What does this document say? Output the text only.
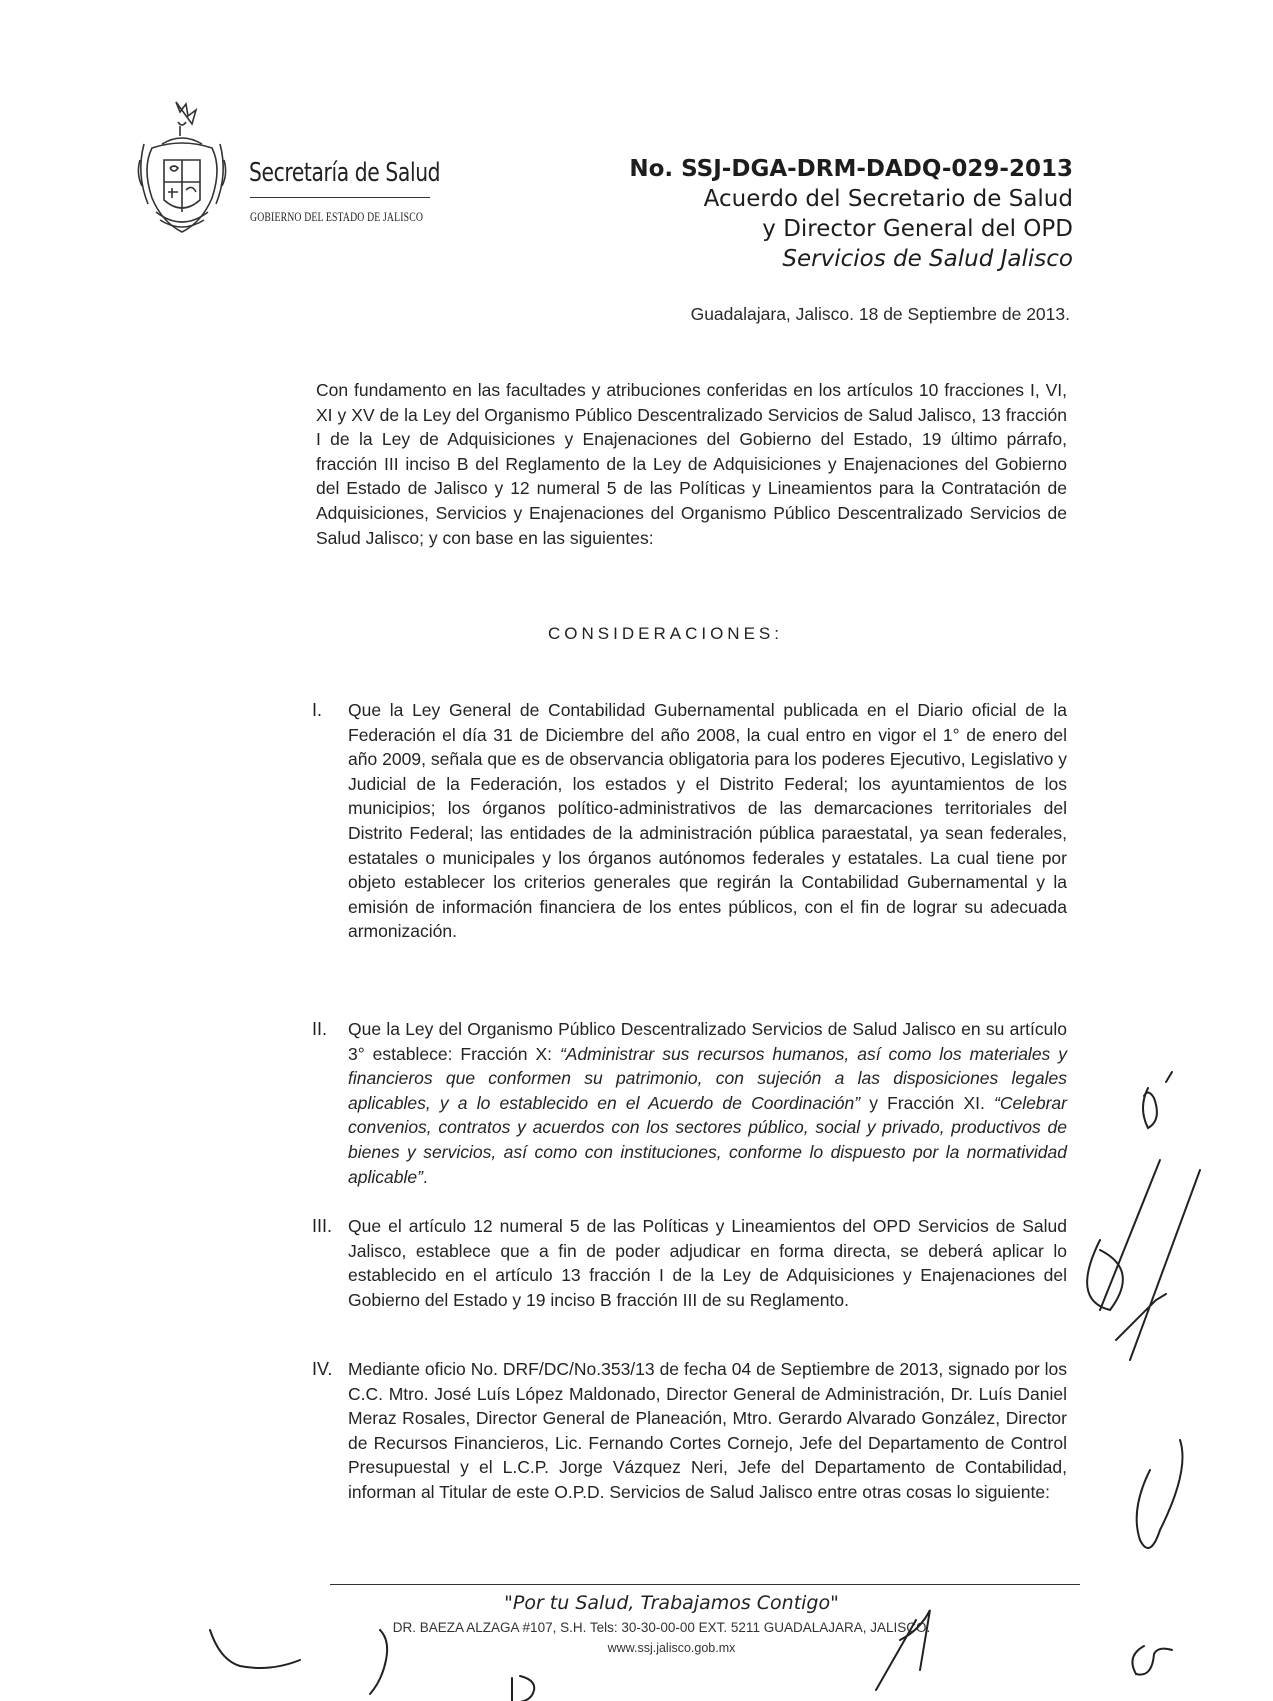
Secretaría de Salud
GOBIERNO DEL ESTADO DE JALISCO
No. SSJ-DGA-DRM-DADQ-029-2013
Acuerdo del Secretario de Salud
y Director General del OPD
Servicios de Salud Jalisco
Guadalajara, Jalisco. 18 de Septiembre de 2013.
Con fundamento en las facultades y atribuciones conferidas en los artículos 10 fracciones I, VI, XI y XV de la Ley del Organismo Público Descentralizado Servicios de Salud Jalisco, 13 fracción I de la Ley de Adquisiciones y Enajenaciones del Gobierno del Estado, 19 último párrafo, fracción III inciso B del Reglamento de la Ley de Adquisiciones y Enajenaciones del Gobierno del Estado de Jalisco y 12 numeral 5 de las Políticas y Lineamientos para la Contratación de Adquisiciones, Servicios y Enajenaciones del Organismo Público Descentralizado Servicios de Salud Jalisco; y con base en las siguientes:
CONSIDERACIONES:
I. Que la Ley General de Contabilidad Gubernamental publicada en el Diario oficial de la Federación el día 31 de Diciembre del año 2008, la cual entro en vigor el 1° de enero del año 2009, señala que es de observancia obligatoria para los poderes Ejecutivo, Legislativo y Judicial de la Federación, los estados y el Distrito Federal; los ayuntamientos de los municipios; los órganos político-administrativos de las demarcaciones territoriales del Distrito Federal; las entidades de la administración pública paraestatal, ya sean federales, estatales o municipales y los órganos autónomos federales y estatales. La cual tiene por objeto establecer los criterios generales que regirán la Contabilidad Gubernamental y la emisión de información financiera de los entes públicos, con el fin de lograr su adecuada armonización.
II. Que la Ley del Organismo Público Descentralizado Servicios de Salud Jalisco en su artículo 3° establece: Fracción X: “Administrar sus recursos humanos, así como los materiales y financieros que conformen su patrimonio, con sujeción a las disposiciones legales aplicables, y a lo establecido en el Acuerdo de Coordinación” y Fracción XI. “Celebrar convenios, contratos y acuerdos con los sectores público, social y privado, productivos de bienes y servicios, así como con instituciones, conforme lo dispuesto por la normatividad aplicable”.
III. Que el artículo 12 numeral 5 de las Políticas y Lineamientos del OPD Servicios de Salud Jalisco, establece que a fin de poder adjudicar en forma directa, se deberá aplicar lo establecido en el artículo 13 fracción I de la Ley de Adquisiciones y Enajenaciones del Gobierno del Estado y 19 inciso B fracción III de su Reglamento.
IV. Mediante oficio No. DRF/DC/No.353/13 de fecha 04 de Septiembre de 2013, signado por los C.C. Mtro. José Luís López Maldonado, Director General de Administración, Dr. Luís Daniel Meraz Rosales, Director General de Planeación, Mtro. Gerardo Alvarado González, Director de Recursos Financieros, Lic. Fernando Cortes Cornejo, Jefe del Departamento de Control Presupuestal y el L.C.P. Jorge Vázquez Neri, Jefe del Departamento de Contabilidad, informan al Titular de este O.P.D. Servicios de Salud Jalisco entre otras cosas lo siguiente:
"Por tu Salud, Trabajamos Contigo"
DR. BAEZA ALZAGA #107, S.H. Tels: 30-30-00-00 EXT. 5211 GUADALAJARA, JALISCO.
www.ssj.jalisco.gob.mx
